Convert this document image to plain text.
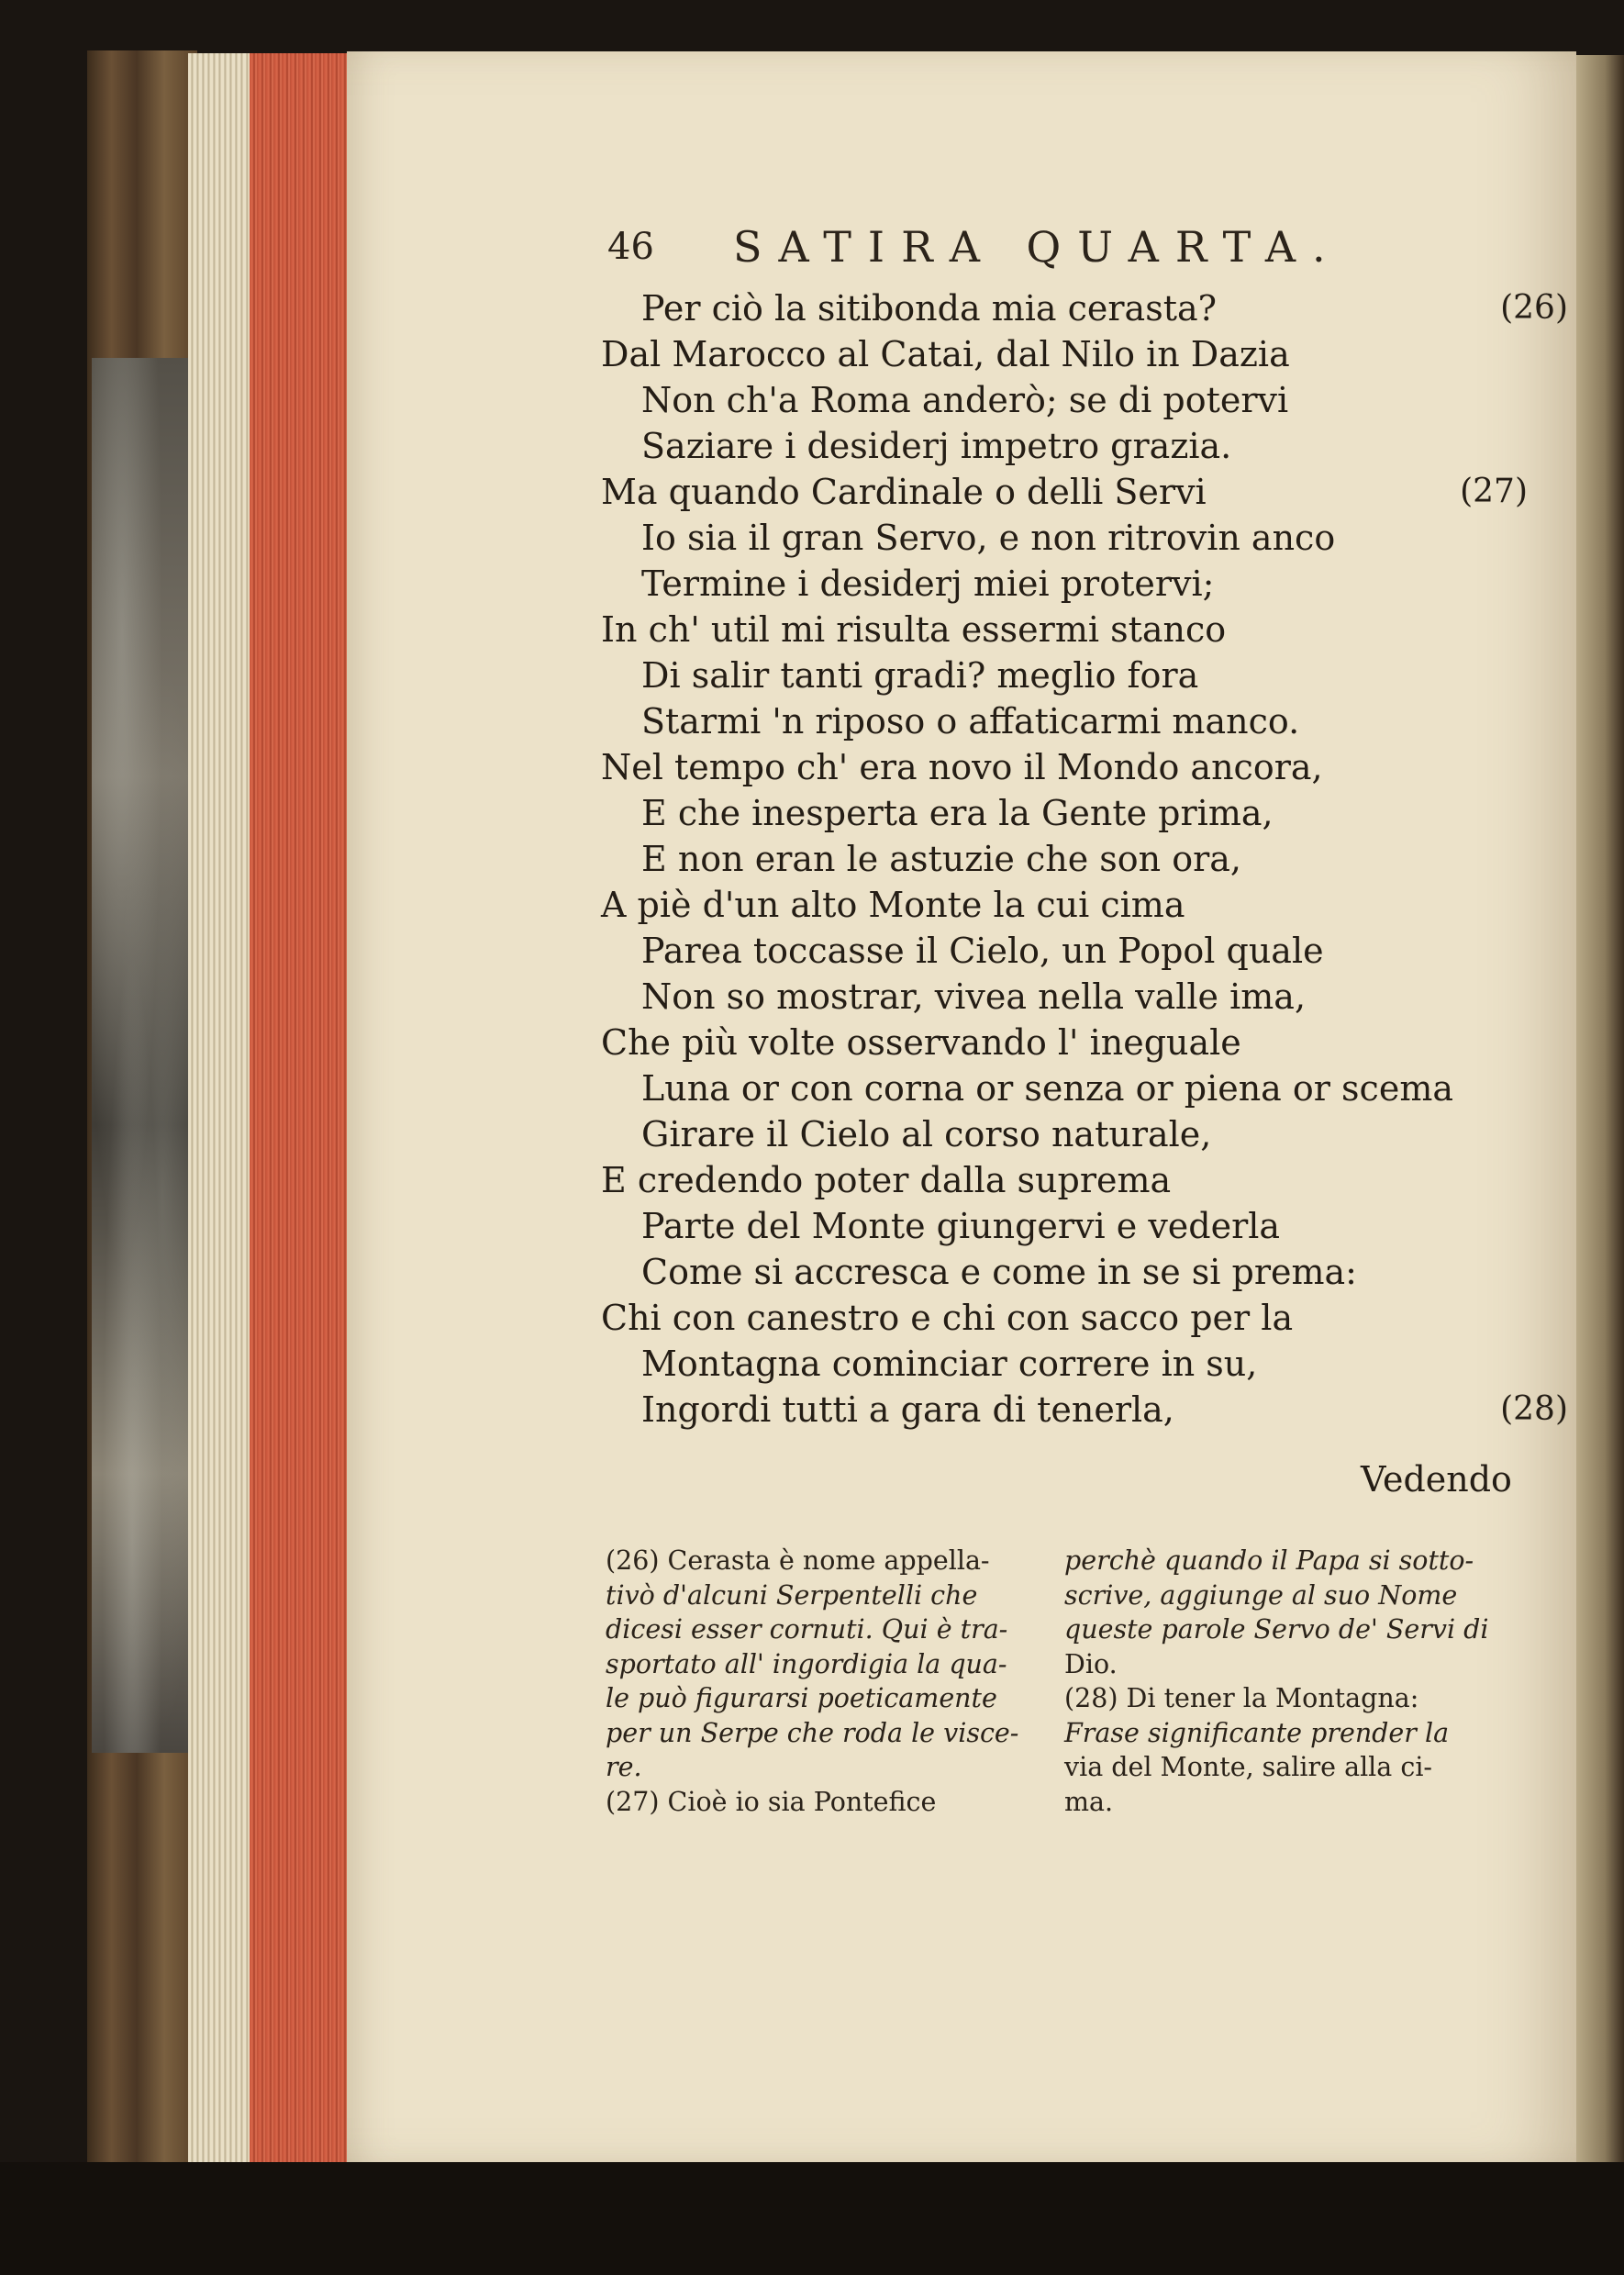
46 SATIRA QUARTA.
Per ciò la sitibonda mia cerasta?	(26)
Dal Marocco al Catai, dal Nilo in Dazia
Non ch'a Roma anderò; se di potervi
Saziare i desiderj impetro grazia.
Ma quando Cardinale o delli Servi	(27)
Io sia il gran Servo, e non ritrovin anco
Termine i desiderj miei protervi;
In ch' util mi risulta essermi stanco
Di salir tanti gradi? meglio fora
Starmi 'n riposo o affaticarmi manco.
Nel tempo ch' era novo il Mondo ancora,
E che inesperta era la Gente prima,
E non eran le astuzie che son ora,
A piè d'un alto Monte la cui cima
Parea toccasse il Cielo, un Popol quale
Non so mostrar, vivea nella valle ima,
Che più volte osservando l' ineguale
Luna or con corna or senza or piena or scema
Girare il Cielo al corso naturale,
E credendo poter dalla suprema
Parte del Monte giungervi e vederla
Come si accresca e come in se si prema:
Chi con canestro e chi con sacco per la
Montagna cominciar correre in su,
Ingordi tutti a gara di tenerla,	(28)
Vedendo
(26) Cerasta è nome appella-
tivò d'alcuni Serpentelli che
dicesi esser cornuti. Qui è tra-
sportato all' ingordigia la qua-
le può figurarsi poeticamente
per un Serpe che roda le visce-
re.
(27) Cioè io sia Pontefice
perchè quando il Papa si sotto-
scrive, aggiunge al suo Nome
queste parole Servo de' Servi di
Dio.
(28) Di tener la Montagna:
Frase significante prender la
via del Monte, salire alla ci-
ma.
